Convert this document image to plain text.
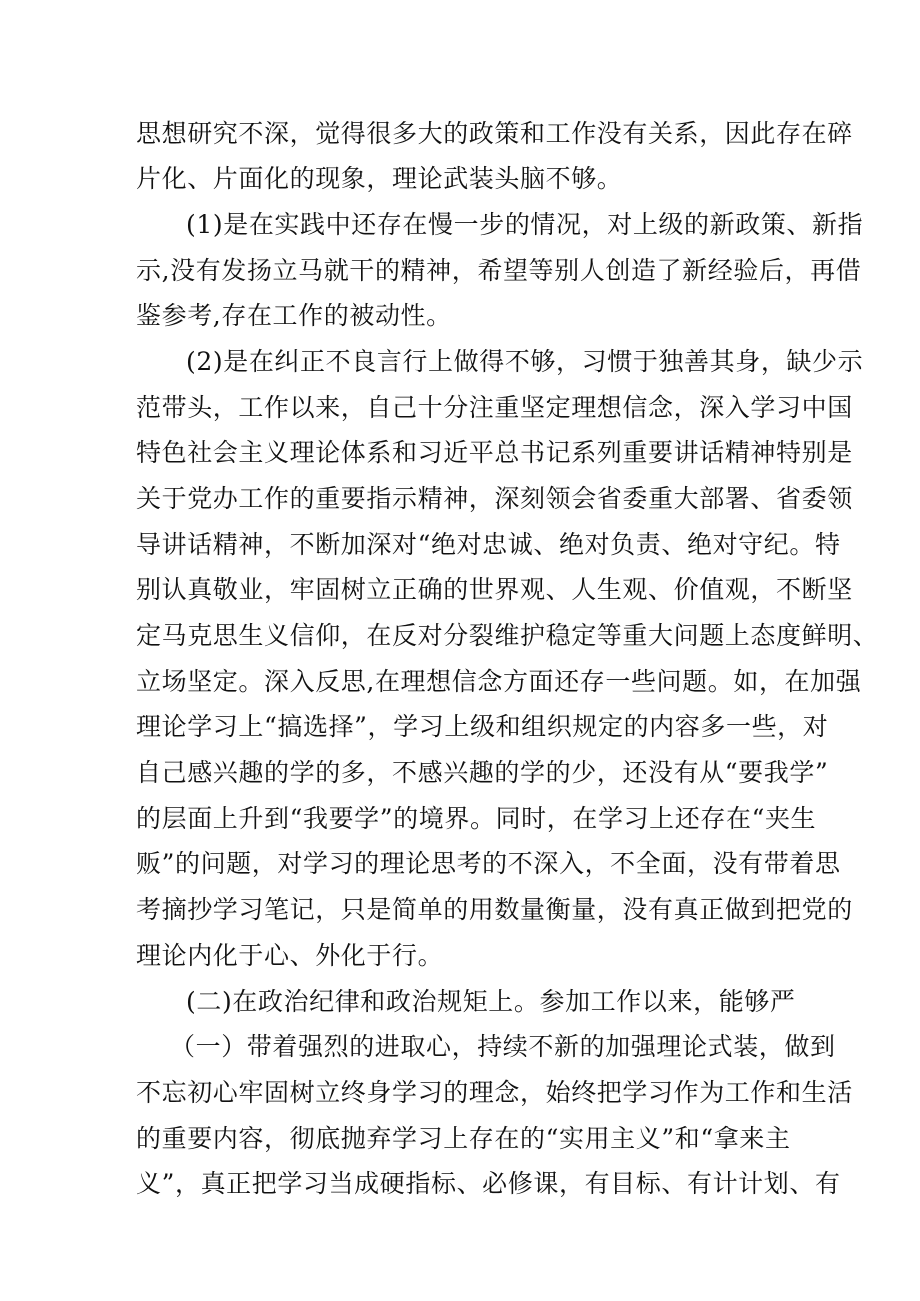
思想研究不深，觉得很多大的政策和工作没有关系，因此存在碎
片化、片面化的现象，理论武装头脑不够。
(1)是在实践中还存在慢一步的情况，对上级的新政策、新指
示,没有发扬立马就干的精神，希望等别人创造了新经验后，再借
鉴参考,存在工作的被动性。
(2)是在纠正不良言行上做得不够，习惯于独善其身，缺少示
范带头，工作以来，自己十分注重坚定理想信念，深入学习中国
特色社会主义理论体系和习近平总书记系列重要讲话精神特别是
关于党办工作的重要指示精神，深刻领会省委重大部署、省委领
导讲话精神，不断加深对“绝对忠诚、绝对负责、绝对守纪。特
别认真敬业，牢固树立正确的世界观、人生观、价值观，不断坚
定马克思生义信仰，在反对分裂维护稳定等重大问题上态度鲜明、
立场坚定。深入反思,在理想信念方面还存一些问题。如，在加强
理论学习上“搞选择”，学习上级和组织规定的内容多一些，对
自己感兴趣的学的多，不感兴趣的学的少，还没有从“要我学”
的层面上升到“我要学”的境界。同时，在学习上还存在“夹生
贩”的问题，对学习的理论思考的不深入，不全面，没有带着思
考摘抄学习笔记，只是简单的用数量衡量，没有真正做到把党的
理论内化于心、外化于行。
(二)在政治纪律和政治规矩上。参加工作以来，能够严
（一）带着强烈的进取心，持续不新的加强理论式装，做到
不忘初心牢固树立终身学习的理念，始终把学习作为工作和生活
的重要内容，彻底抛弃学习上存在的“实用主义”和“拿来主
义”，真正把学习当成硬指标、必修课，有目标、有计计划、有
